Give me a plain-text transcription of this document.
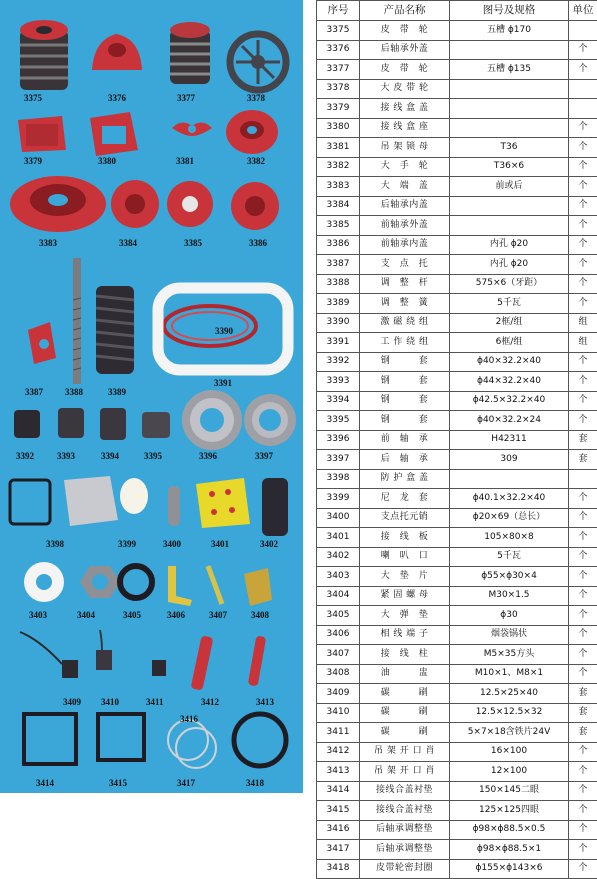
3375	3376	3377	3378
3379	3380	3381	3382
3383	3384	3385	3386
3387 3388	3389
3390
3391
3392	3393	3394	3395	3396	3397
3398	3399	3400	3401	3402
3403	3404	3405	3406	3407	3408
3409 3410	3411	3412	3413
3414	3415
3416
3417	3418
序号	产品名称	图号及规格	单位
3375	皮　带　轮	五槽 ϕ170	
3376	后轴承外盖		个
3377	皮　带　轮	五槽 ϕ135	个
3378	大 皮 带 轮		
3379	接 线 盒 盖		
3380	接 线 盒 座		个
3381	吊 架 锁 母	T36	个
3382	大　手　轮	T36×6	个
3383	大　端　盖	前或后	个
3384	后轴承内盖		个
3385	前轴承外盖		个
3386	前轴承内盖	内孔 ϕ20	个
3387	支　点　托	内孔 ϕ20	个
3388	调　整　杆	575×6（牙距）	个
3389	调　整　簧	5千瓦	个
3390	激 磁 绕 组	2框/组	组
3391	工 作 绕 组	6框/组	组
3392	钢　　　套	ϕ40×32.2×40	个
3393	钢　　　套	ϕ44×32.2×40	个
3394	钢　　　套	ϕ42.5×32.2×40	个
3395	钢　　　套	ϕ40×32.2×24	个
3396	前　轴　承	H42311	套
3397	后　轴　承	309	套
3398	防 护 盒 盖		
3399	尼　龙　套	ϕ40.1×32.2×40	个
3400	支点托元销	ϕ20×69（总长）	个
3401	接　线　板	105×80×8	个
3402	喇　叭　口	5千瓦	个
3403	大　垫　片	ϕ55×ϕ30×4	个
3404	紧 固 螺 母	M30×1.5	个
3405	大　弹　垫	ϕ30	个
3406	相 线 端 子	烟袋锅状	个
3407	接　线　柱	M5×35方头	个
3408	油　　　盅	M10×1、M8×1	个
3409	碳　　　刷	12.5×25×40	套
3410	碳　　　刷	12.5×12.5×32	套
3411	碳　　　刷	5×7×18含铁片24V	套
3412	吊 架 开 口 肖	16×100	个
3413	吊 架 开 口 肖	12×100	个
3414	接线合盖衬垫	150×145二眼	个
3415	接线合盖衬垫	125×125四眼	个
3416	后轴承调整垫	ϕ98×ϕ88.5×0.5	个
3417	后轴承调整垫	ϕ98×ϕ88.5×1	个
3418	皮带轮密封圈	ϕ155×ϕ143×6	个
